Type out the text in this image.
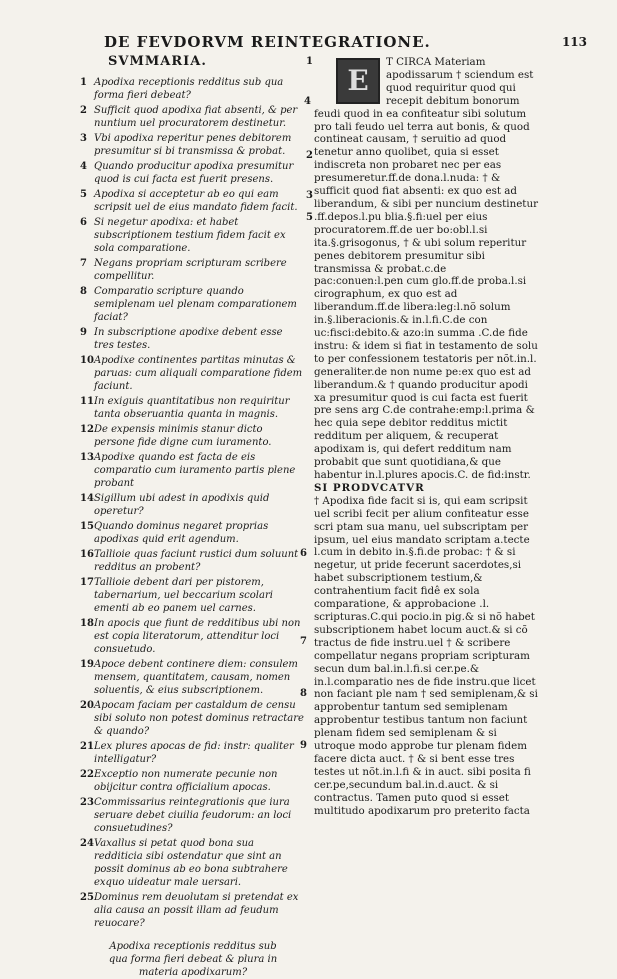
DE FEVDORVM REINTEGRATIONE.	113
SVMMARIA.
1 Apodixa receptionis redditus sub qua forma fieri debeat?
2 Sufficit quod apodixa fiat absenti, & per nuntium uel procuratorem destinetur.
3 Vbi apodixa reperitur penes debitorem presumitur si bi transmissa & probat.
4 Quando producitur apodixa presumitur quod is cui facta est fuerit presens.
5 Apodixa si acceptetur ab eo qui eam scripsit uel de eius mandato fidem facit.
6 Si negetur apodixa: et habet subscriptionem testium fidem facit ex sola comparatione.
7 Negans propriam scripturam scribere compellitur.
8 Comparatio scripture quando semiplenam uel plenam comparationem faciat?
9 In subscriptione apodixe debent esse tres testes.
10 Apodixe continentes partitas minutas & paruas: cum aliquali comparatione fidem faciunt.
11 In exiguis quantitatibus non requiritur tanta obseruantia quanta in magnis.
12 De expensis minimis stanur dicto persone fide digne cum iuramento.
13 Apodixe quando est facta de eis comparatio cum iuramento partis plene probant
14 Sigillum ubi adest in apodixis quid operetur?
15 Quando dominus negaret proprias apodixas quid erit agendum.
16 Tallioie quas faciunt rustici dum soluunt redditus an probent?
17 Tallioie debent dari per pistorem, tabernarium, uel beccarium scolari ementi ab eo panem uel carnes.
18 In apocis que fiunt de redditibus ubi non est copia literatorum, attenditur loci consuetudo.
19 Apoce debent continere diem: consulem mensem, quantitatem, causam, nomen soluentis, & eius subscriptionem.
20 Apocam faciam per castaldum de censu sibi soluto non potest dominus retractare & quando?
21 Lex plures apocas de fid: instr: qualiter intelligatur?
22 Exceptio non numerate pecunie non obijcitur contra officialium apocas.
23 Commissarius reintegrationis que iura seruare debet ciuilia feudorum: an loci consuetudines?
24 Vaxallus si petat quod bona sua redditicia sibi ostendatur que sint an possit dominus ab eo bona subtrahere exquo uideatur male uersari.
25 Dominus rem deuolutam si pretendat ex alia causa an possit illam ad feudum reuocare?
Apodixa receptionis redditus sub qua forma fieri debeat & plura in materia apodixarum?
E
T CIRCA Materiam apodissarum † sciendum est quod requiritur quod qui recepit debitum bonorum feudi quod in ea confiteatur sibi solutum pro tali feudo uel terra aut bonis, & quod contineat causam, † seruitio ad quod tenetur anno quolibet, quia si esset indiscreta non probaret nec per eas presumeretur.ff.de dona.l.nuda: † & sufficit quod fiat absenti: ex quo est ad liberandum, & sibi per nuncium destinetur .ff.depos.l.pu blia.§.fi:uel per eius procuratorem.ff.de uer bo:obl.l.si ita.§.grisogonus, † & ubi solum reperitur penes debitorem presumitur sibi transmissa & probat.c.de pac:conuen:l.pen cum glo.ff.de proba.l.si cirographum, ex quo est ad liberandum.ff.de libera:leg:l.nõ solum in.§.liberacionis.& in.l.fi.C.de con uc:fisci:debito.& azo:in summa .C.de fide instru: & idem si fiat in testamento de solu to per confessionem testatoris per nõt.in.l. generaliter.de non nume pe:ex quo est ad liberandum.& † quando producitur apodi xa presumitur quod is cui facta est fuerit pre sens arg C.de contrahe:emp:l.prima & hec quia sepe debitor redditus mictit redditum per aliquem, & recuperat apodixam is, qui defert redditum nam probabit que sunt quotidiana,& que habentur in.l.plures apocis.C. de fid:instr.
SI PRODVCATVR
† Apodixa fide facit si is, qui eam scripsit uel scribi fecit per alium confiteatur esse scri ptam sua manu, uel subscriptam per ipsum, uel eius mandato scriptam a.tecte l.cum in debito in.§.fi.de probac: † & si negetur, ut pride fecerunt sacerdotes,si habet subscriptionem testium,& contrahentium facit fidê ex sola comparatione, & approbacione .l. scripturas.C.qui pocio.in pig.& si nõ habet subscriptionem habet locum auct.& si cõ tractus de fide instru.uel † & scribere compellatur negans propriam scripturam secun dum bal.in.l.fi.si cer.pe.& in.l.comparatio nes de fide instru.que licet non faciant ple nam † sed semiplenam,& si approbentur tantum sed semiplenam approbentur testibus tantum non faciunt plenam fidem sed semiplenam & si utroque modo approbe tur plenam fidem facere dicta auct. † & si bent esse tres testes ut nõt.in.l.fi & in auct. sibi posita fi cer.pe,secundum bal.in.d.auct. & si contractus. Tamen puto quod si esset multitudo apodixarum pro preterito facta
1
4
2
3
5
6
7
8
9
